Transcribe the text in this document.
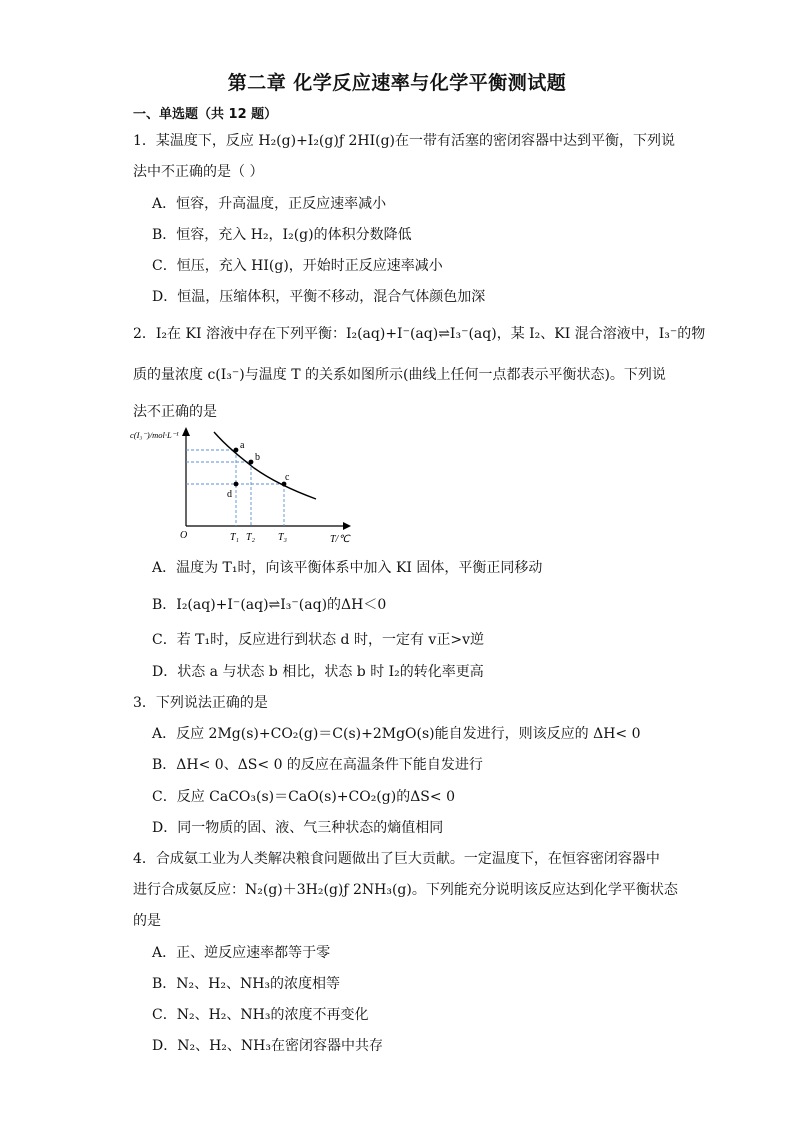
第二章 化学反应速率与化学平衡测试题
一、单选题（共 12 题）
1．某温度下，反应 H₂(g)+I₂(g)ƒ 2HI(g)在一带有活塞的密闭容器中达到平衡，下列说
法中不正确的是（ ）
A．恒容，升高温度，正反应速率减小
B．恒容，充入 H₂，I₂(g)的体积分数降低
C．恒压，充入 HI(g)，开始时正反应速率减小
D．恒温，压缩体积，平衡不移动，混合气体颜色加深
2．I₂在 KI 溶液中存在下列平衡：I₂(aq)+I⁻(aq)⇌I₃⁻(aq)，某 I₂、KI 混合溶液中，I₃⁻的物
质的量浓度 c(I₃⁻)与温度 T 的关系如图所示(曲线上任何一点都表示平衡状态)。下列说
法不正确的是
a
b
c
d
c(I₃⁻)/mol·L⁻¹
T/℃
O	T₁ T₂ T₃
A．温度为 T₁时，向该平衡体系中加入 KI 固体，平衡正同移动
B．I₂(aq)+I⁻(aq)⇌I₃⁻(aq)的ΔH＜0
C．若 T₁时，反应进行到状态 d 时，一定有 v正>v逆
D．状态 a 与状态 b 相比，状态 b 时 I₂的转化率更高
3．下列说法正确的是
A．反应 2Mg(s)+CO₂(g)＝C(s)+2MgO(s)能自发进行，则该反应的 ΔH< 0
B．ΔH< 0、ΔS< 0 的反应在高温条件下能自发进行
C．反应 CaCO₃(s)＝CaO(s)+CO₂(g)的ΔS< 0
D．同一物质的固、液、气三种状态的熵值相同
4．合成氨工业为人类解决粮食问题做出了巨大贡献。一定温度下，在恒容密闭容器中
进行合成氨反应：N₂(g)＋3H₂(g)ƒ 2NH₃(g)。下列能充分说明该反应达到化学平衡状态
的是
A．正、逆反应速率都等于零
B．N₂、H₂、NH₃的浓度相等
C．N₂、H₂、NH₃的浓度不再变化
D．N₂、H₂、NH₃在密闭容器中共存
